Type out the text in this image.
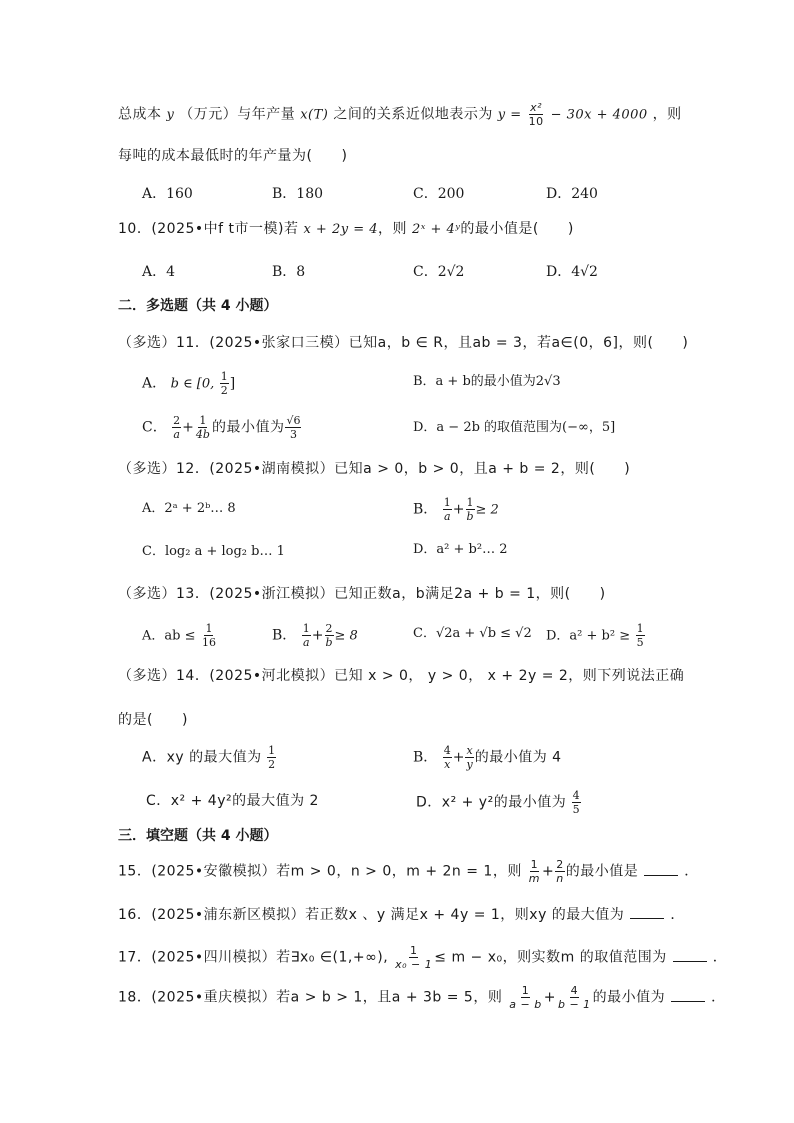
总成本 y （万元）与年产量 x(T) 之间的关系近似地表示为 $y = \frac{\text{x²}}{10} - 30x + 4000$ ，则
每吨的成本最低时的年产量为(　　)
A．160	B．180	C．200	D．240
10．(2025•中f t市一模)若 x + 2y = 4，则 2ˣ + 4ʸ的最小值是(　　)
A．4	B．8	C．2√2	D．4√2
二．多选题（共 4 小题）
（多选）11．(2025•张家口三模）已知a，b ∈ R，且ab = 3，若a∈(0，6]，则(　　)
A． b ∈ [0, $\frac{1}{2}$ ]	B．a + b的最小值为2√3
C． $\frac{2}{a} + \frac{1}{4b}$ 的最小值为 $\frac{√6}{3}$	D．a − 2b 的取值范围为(−∞，5]
（多选）12．(2025•湖南模拟）已知a > 0，b > 0，且a + b = 2，则(　　)
A．2ᵃ + 2ᵇ… 8	B． $\frac{1}{a} + \frac{1}{b} \ge 2$
C．log₂ a + log₂ b… 1	D．a² + b²… 2
（多选）13．(2025•浙江模拟）已知正数a，b满足2a + b = 1，则(　　)
A．ab ≤ $\frac{1}{16}$	B． $\frac{1}{a} + \frac{2}{b} \ge 8$	C．√2a + √b ≤ √2 D．$a^2 + b^2 \ge \frac{1}{5}$
（多选）14．(2025•河北模拟）已知 x > 0， y > 0， x + 2y = 2，则下列说法正确
的是(　　)
A．xy 的最大值为 $\frac{1}{2}$	B． $\frac{4}{x} + \frac{x}{y}$ 的最小值为 4
C．x² + 4y²的最大值为 2	D．x² + y²的最小值为 $\frac{4}{5}$
三．填空题（共 4 小题）
15．(2025•安徽模拟）若m > 0，n > 0，m + 2n = 1，则 $\frac{1}{m} + \frac{2}{n}$ 的最小值是	．
16．(2025•浦东新区模拟）若正数x 、y 满足x + 4y = 1，则xy 的最大值为	．
17．(2025•四川模拟）若∃x₀ ∈(1,+∞), $\frac{1}{\text{x₀ − 1}} \le m - x_0$，则实数m 的取值范围为	．
18．(2025•重庆模拟）若a > b > 1，且a + 3b = 5，则 $\frac{1}{a - b} + \frac{4}{b - 1}$ 的最小值为	．
